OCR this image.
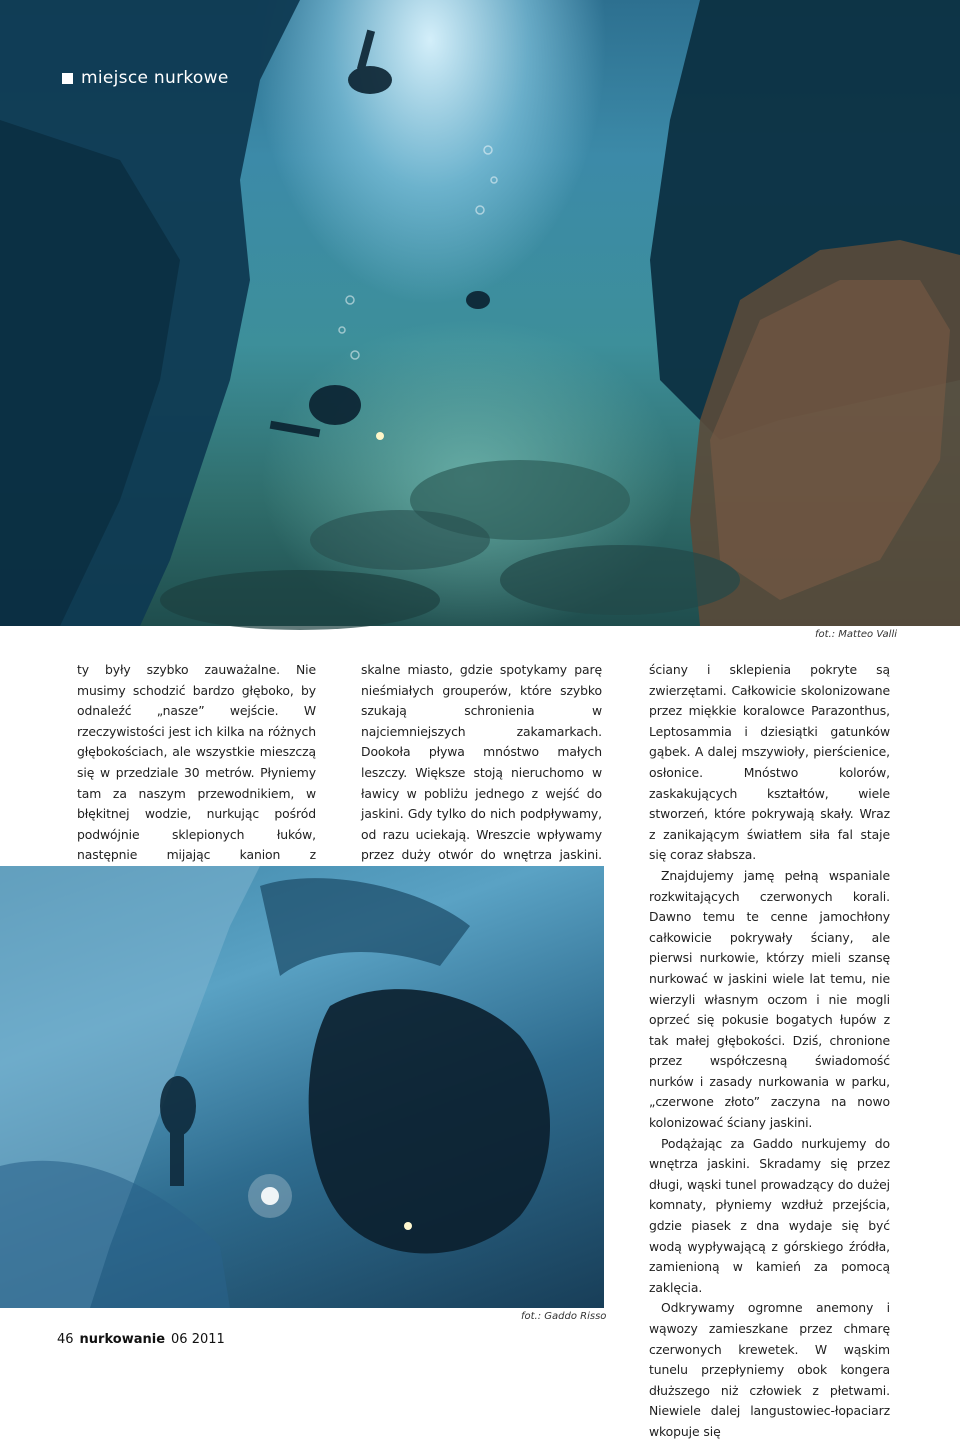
miejsce nurkowe
fot.: Matteo Valli

ty były szybko zauważalne. Nie musimy schodzić bardzo głęboko, by odnaleźć „nasze” wejście. W rzeczywistości jest ich kilka na różnych głębokościach, ale wszystkie mieszczą się w przedziale 30 metrów. Płyniemy tam za naszym przewodnikiem, w błękitnej wodzie, nurkując pośród podwójnie sklepionych łuków, następnie mijając kanion z

skalne miasto, gdzie spotykamy parę nieśmiałych grouperów, które szybko szukają schronienia w najciemniejszych zakamarkach. Dookoła pływa mnóstwo małych leszczy. Większe stoją nieruchomo w ławicy w pobliżu jednego z wejść do jaskini. Gdy tylko do nich podpływamy, od razu uciekają. Wreszcie wpływamy przez duży otwór do wnętrza jaskini.

ściany i sklepienia pokryte są zwierzętami. Całkowicie skolonizowane przez miękkie koralowce Parazonthus, Leptosammia i dziesiątki gatunków gąbek. A dalej mszywioły, pierścienice, osłonice. Mnóstwo kolorów, zaskakujących kształtów, wiele stworzeń, które pokrywają skały. Wraz z zanikającym światłem siła fal staje się coraz słabsza.

Znajdujemy jamę pełną wspaniale rozkwitających czerwonych korali. Dawno temu te cenne jamochłony całkowicie pokrywały ściany, ale pierwsi nurkowie, którzy mieli szansę nurkować w jaskini wiele lat temu, nie wierzyli własnym oczom i nie mogli oprzeć się pokusie bogatych łupów z tak małej głębokości. Dziś, chronione przez współczesną świadomość nurków i zasady nurkowania w parku, „czerwone złoto” zaczyna na nowo kolonizować ściany jaskini.

Podążając za Gaddo nurkujemy do wnętrza jaskini. Skradamy się przez długi, wąski tunel prowadzący do dużej komnaty, płyniemy wzdłuż przejścia, gdzie piasek z dna wydaje się być wodą wypływającą z górskiego źródła, zamienioną w kamień za pomocą zaklęcia.

Odkrywamy ogromne anemony i wąwozy zamieszkane przez chmarę czerwonych krewetek. W wąskim tunelu przepłyniemy obok kongera dłuższego niż człowiek z płetwami. Niewiele dalej langustowiec-łopaciarz wkopuje się

fot.: Gaddo Risso
46 nurkowanie 06 2011
